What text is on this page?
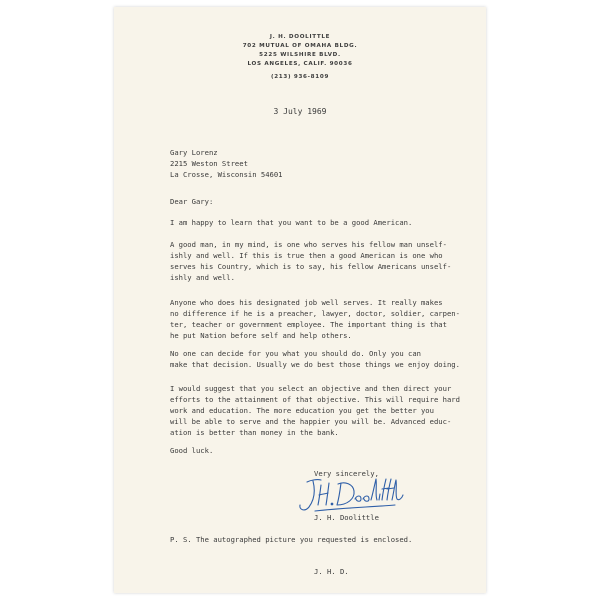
J. H. DOOLITTLE
702 MUTUAL OF OMAHA BLDG.
5225 WILSHIRE BLVD.
LOS ANGELES, CALIF. 90036
(213) 936-8109
3 July 1969
Gary Lorenz
2215 Weston Street
La Crosse, Wisconsin 54601
Dear Gary:
I am happy to learn that you want to be a good American.
A good man, in my mind, is one who serves his fellow man unself-
ishly and well. If this is true then a good American is one who
serves his Country, which is to say, his fellow Americans unself-
ishly and well.
Anyone who does his designated job well serves. It really makes
no difference if he is a preacher, lawyer, doctor, soldier, carpen-
ter, teacher or government employee. The important thing is that
he put Nation before self and help others.
No one can decide for you what you should do. Only you can
make that decision. Usually we do best those things we enjoy doing.
I would suggest that you select an objective and then direct your
efforts to the attainment of that objective. This will require hard
work and education. The more education you get the better you
will be able to serve and the happier you will be. Advanced educ-
ation is better than money in the bank.
Good luck.
Very sincerely,
J. H. Doolittle
P. S. The autographed picture you requested is enclosed.
J. H. D.
